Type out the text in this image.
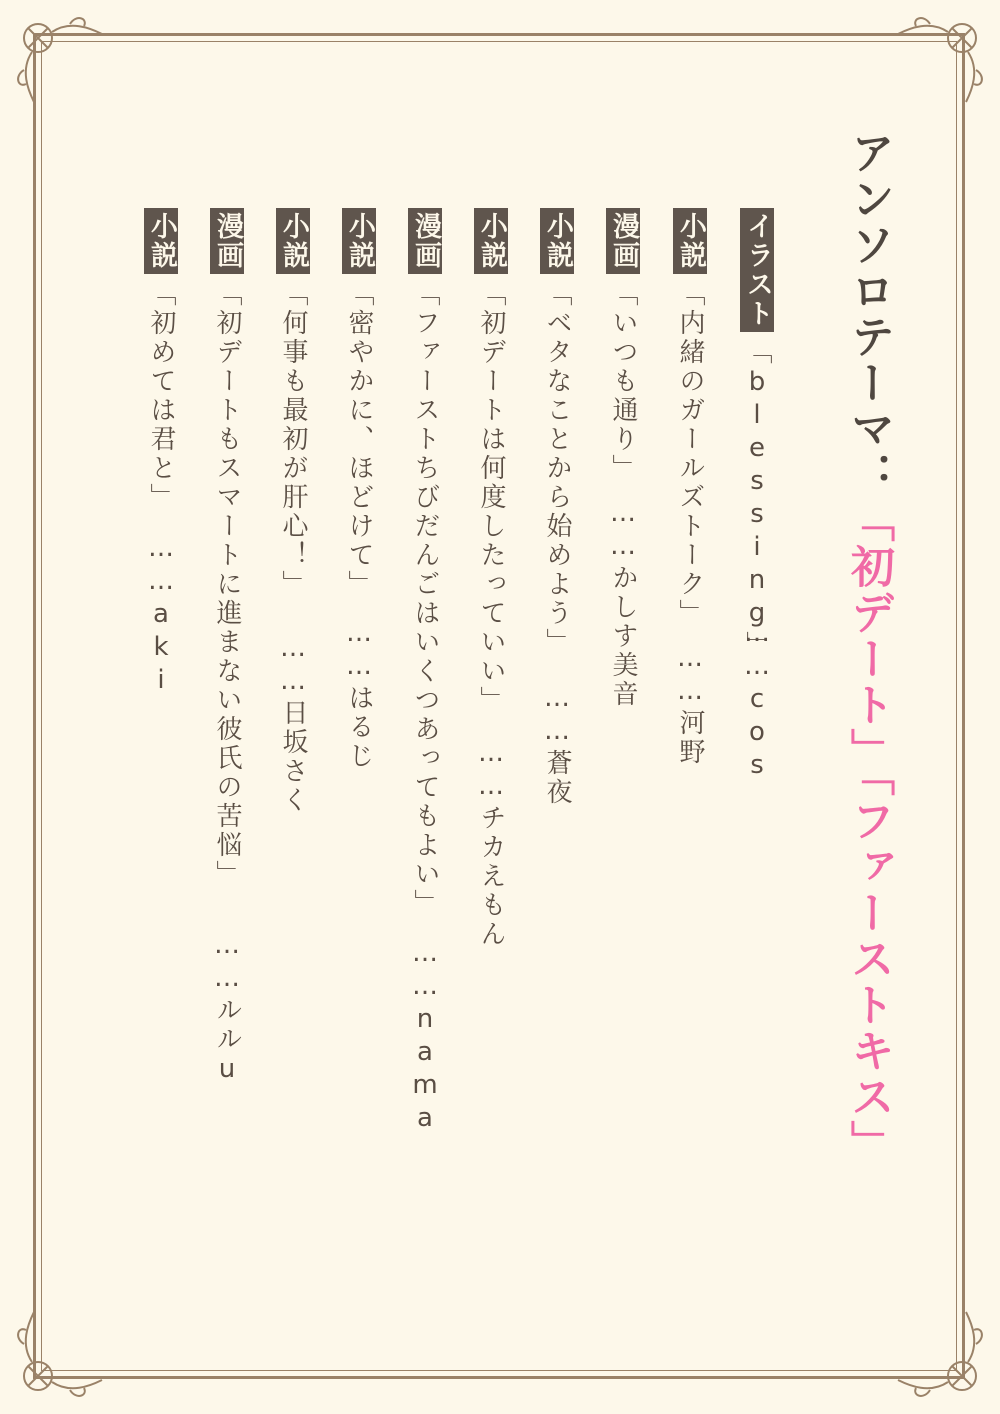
アンソロテーマ：「初デート」「ファーストキス」
イラスト
「blessing」
……cos
小説
「内緒のガールズトーク」
……河野
漫画
「いつも通り」
……かしす美音
小説
「ベタなことから始めよう」
……蒼夜
小説
「初デートは何度したっていい」
……チカえもん
漫画
「ファーストちびだんごはいくつあってもよい」
……nama
小説
「密やかに、ほどけて」
……はるじ
小説
「何事も最初が肝心！」
……日坂さく
漫画
「初デートもスマートに進まない彼氏の苦悩」
……ルルu
小説
「初めては君と」
……aki
